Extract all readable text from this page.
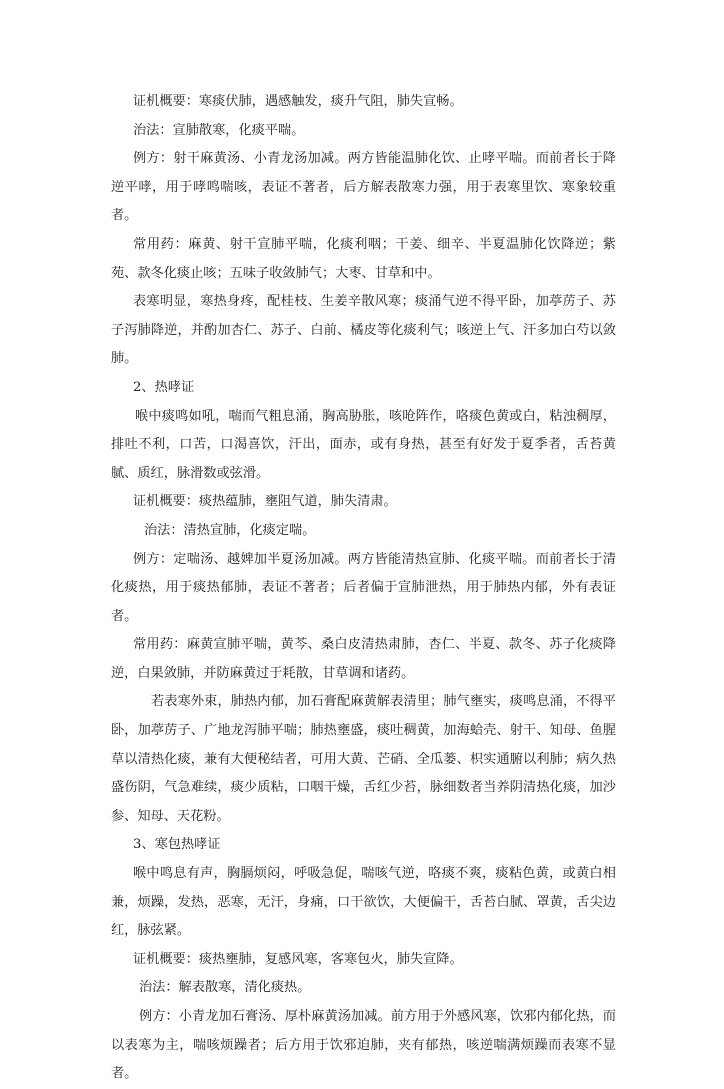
证机概要：寒痰伏肺，遇感触发，痰升气阻，肺失宣畅。

治法：宣肺散寒，化痰平喘。

例方：射干麻黄汤、小青龙汤加减。两方皆能温肺化饮、止哮平喘。而前者长于降逆平哮，用于哮鸣喘咳，表证不著者，后方解表散寒力强，用于表寒里饮、寒象较重者。

常用药：麻黄、射干宣肺平喘，化痰利咽；干姜、细辛、半夏温肺化饮降逆；紫苑、款冬化痰止咳；五味子收敛肺气；大枣、甘草和中。

表寒明显，寒热身疼，配桂枝、生姜辛散风寒；痰涌气逆不得平卧，加葶苈子、苏子泻肺降逆，并酌加杏仁、苏子、白前、橘皮等化痰利气；咳逆上气、汗多加白芍以敛肺。

2、热哮证

喉中痰鸣如吼，喘而气粗息涌，胸高胁胀，咳呛阵作，咯痰色黄或白，粘浊稠厚，排吐不利，口苦，口渴喜饮，汗出，面赤，或有身热，甚至有好发于夏季者，舌苔黄腻、质红，脉滑数或弦滑。

证机概要：痰热蕴肺，壅阻气道，肺失清肃。

治法：清热宣肺，化痰定喘。

例方：定喘汤、越婢加半夏汤加减。两方皆能清热宣肺、化痰平喘。而前者长于清化痰热，用于痰热郁肺，表证不著者；后者偏于宣肺泄热，用于肺热内郁，外有表证者。

常用药：麻黄宣肺平喘，黄芩、桑白皮清热肃肺，杏仁、半夏、款冬、苏子化痰降逆，白果敛肺，并防麻黄过于耗散，甘草调和诸药。

若表寒外束，肺热内郁，加石膏配麻黄解表清里；肺气壅实，痰鸣息涌，不得平卧，加葶苈子、广地龙泻肺平喘；肺热壅盛，痰吐稠黄，加海蛤壳、射干、知母、鱼腥草以清热化痰，兼有大便秘结者，可用大黄、芒硝、全瓜蒌、枳实通腑以利肺；病久热盛伤阴，气急难续，痰少质粘，口咽干燥，舌红少苔，脉细数者当养阴清热化痰，加沙参、知母、天花粉。

3、寒包热哮证

喉中鸣息有声，胸膈烦闷，呼吸急促，喘咳气逆，咯痰不爽，痰粘色黄，或黄白相兼，烦躁，发热，恶寒，无汗，身痛，口干欲饮，大便偏干，舌苔白腻、罩黄，舌尖边红，脉弦紧。

证机概要：痰热壅肺，复感风寒，客寒包火，肺失宣降。

治法：解表散寒，清化痰热。

例方：小青龙加石膏汤、厚朴麻黄汤加减。前方用于外感风寒，饮邪内郁化热，而以表寒为主，喘咳烦躁者；后方用于饮邪迫肺，夹有郁热，咳逆喘满烦躁而表寒不显者。
